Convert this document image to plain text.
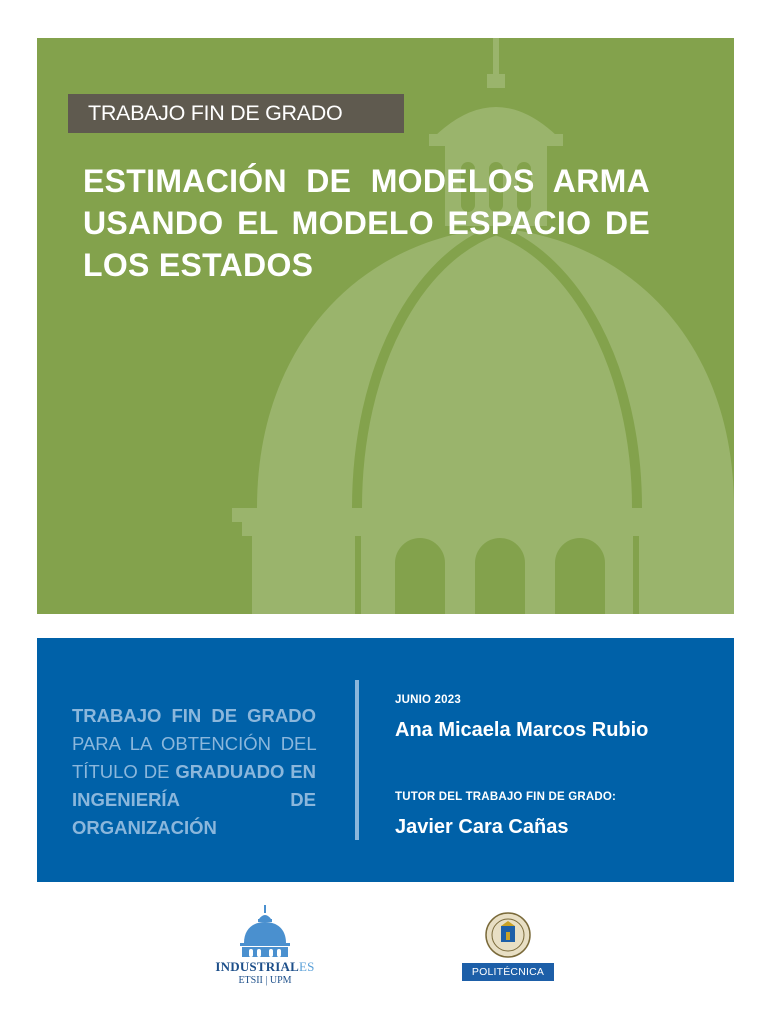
TRABAJO FIN DE GRADO
ESTIMACIÓN DE MODELOS ARMA USANDO EL MODELO ESPACIO DE LOS ESTADOS
TRABAJO FIN DE GRADO PARA LA OBTENCIÓN DEL TÍTULO DE GRADUADO EN INGENIERÍA DE ORGANIZACIÓN
JUNIO 2023
Ana Micaela Marcos Rubio
TUTOR DEL TRABAJO FIN DE GRADO:
Javier Cara Cañas
INDUSTRIALES
ETSII | UPM
POLITÉCNICA
